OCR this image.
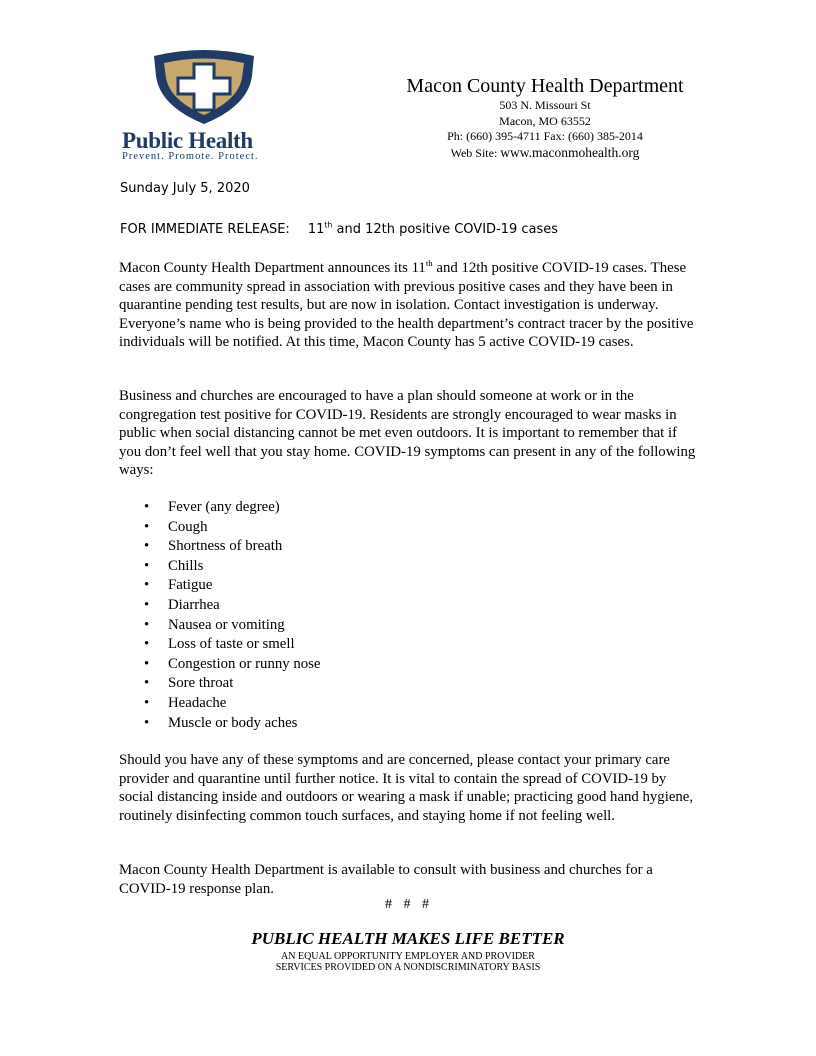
Public Health
Prevent. Promote. Protect.
Macon County Health Department
503 N. Missouri St
Macon, MO 63552
Ph: (660) 395-4711 Fax: (660) 385-2014
Web Site: www.maconmohealth.org
Sunday July 5, 2020
FOR IMMEDIATE RELEASE: 11th and 12th positive COVID-19 cases

Macon County Health Department announces its 11th and 12th positive COVID-19 cases. These cases are community spread in association with previous positive cases and they have been in quarantine pending test results, but are now in isolation. Contact investigation is underway. Everyone’s name who is being provided to the health department’s contract tracer by the positive individuals will be notified. At this time, Macon County has 5 active COVID-19 cases.

Business and churches are encouraged to have a plan should someone at work or in the congregation test positive for COVID-19. Residents are strongly encouraged to wear masks in public when social distancing cannot be met even outdoors. It is important to remember that if you don’t feel well that you stay home. COVID-19 symptoms can present in any of the following ways:

• Fever (any degree)
• Cough
• Shortness of breath
• Chills
• Fatigue
• Diarrhea
• Nausea or vomiting
• Loss of taste or smell
• Congestion or runny nose
• Sore throat
• Headache
• Muscle or body aches

Should you have any of these symptoms and are concerned, please contact your primary care provider and quarantine until further notice. It is vital to contain the spread of COVID-19 by social distancing inside and outdoors or wearing a mask if unable; practicing good hand hygiene, routinely disinfecting common touch surfaces, and staying home if not feeling well.

Macon County Health Department is available to consult with business and churches for a COVID-19 response plan.

# # #
PUBLIC HEALTH MAKES LIFE BETTER
AN EQUAL OPPORTUNITY EMPLOYER AND PROVIDER
SERVICES PROVIDED ON A NONDISCRIMINATORY BASIS
